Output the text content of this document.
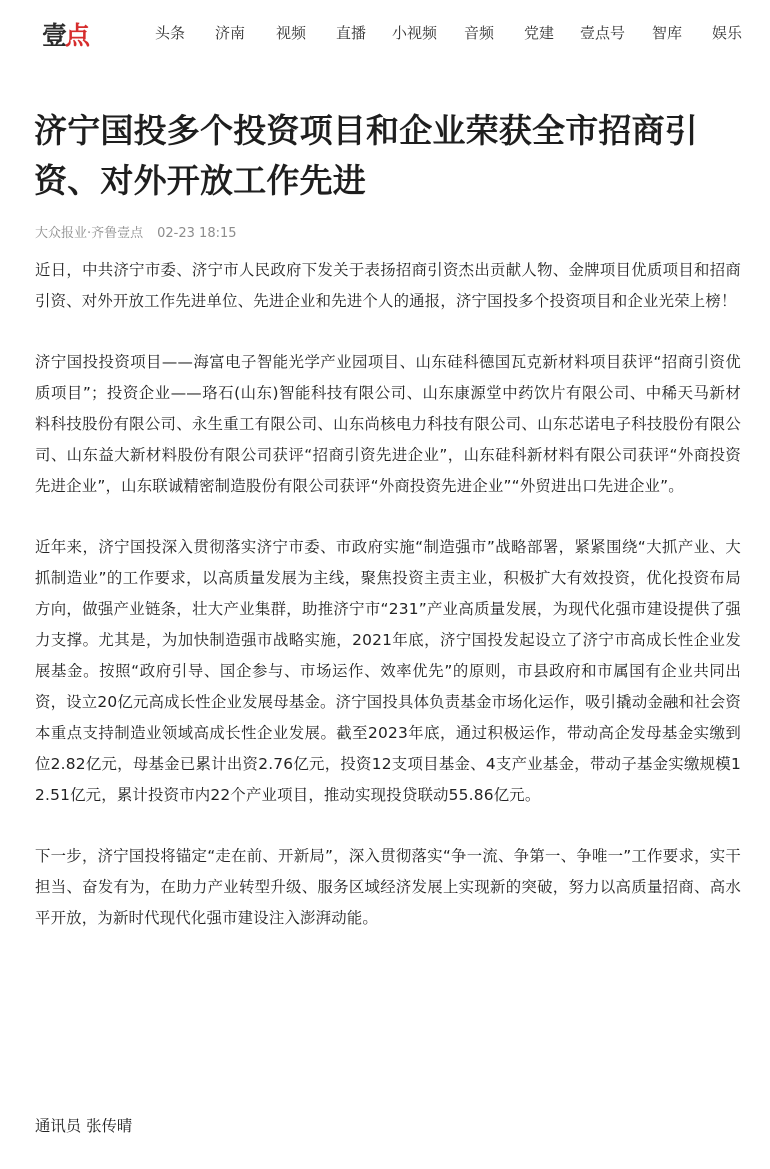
壹 点	头条 济南 视频 直播 小视频 音频 党建 壹点号 智库 娱乐
济宁国投多个投资项目和企业荣获全市招商引资、对外开放工作先进
大众报业·齐鲁壹点 02-23 18:15

近日，中共济宁市委、济宁市人民政府下发关于表扬招商引资杰出贡献人物、金牌项目优质项目和招商引资、对外开放工作先进单位、先进企业和先进个人的通报，济宁国投多个投资项目和企业光荣上榜！

济宁国投投资项目——海富电子智能光学产业园项目、山东硅科德国瓦克新材料项目获评“招商引资优质项目”；投资企业——珞石(山东)智能科技有限公司、山东康源堂中药饮片有限公司、中稀天马新材料科技股份有限公司、永生重工有限公司、山东尚核电力科技有限公司、山东芯诺电子科技股份有限公司、山东益大新材料股份有限公司获评“招商引资先进企业”，山东硅科新材料有限公司获评“外商投资先进企业”，山东联诚精密制造股份有限公司获评“外商投资先进企业”“外贸进出口先进企业”。

近年来，济宁国投深入贯彻落实济宁市委、市政府实施“制造强市”战略部署，紧紧围绕“大抓产业、大抓制造业”的工作要求，以高质量发展为主线，聚焦投资主责主业，积极扩大有效投资，优化投资布局方向，做强产业链条，壮大产业集群，助推济宁市“231”产业高质量发展，为现代化强市建设提供了强力支撑。尤其是，为加快制造强市战略实施，2021年底，济宁国投发起设立了济宁市高成长性企业发展基金。按照“政府引导、国企参与、市场运作、效率优先”的原则，市县政府和市属国有企业共同出资，设立20亿元高成长性企业发展母基金。济宁国投具体负责基金市场化运作，吸引撬动金融和社会资本重点支持制造业领域高成长性企业发展。截至2023年底，通过积极运作，带动高企发母基金实缴到位2.82亿元，母基金已累计出资2.76亿元，投资12支项目基金、4支产业基金，带动子基金实缴规模12.51亿元，累计投资市内22个产业项目，推动实现投贷联动55.86亿元。

下一步，济宁国投将锚定“走在前、开新局”，深入贯彻落实“争一流、争第一、争唯一”工作要求，实干担当、奋发有为，在助力产业转型升级、服务区域经济发展上实现新的突破，努力以高质量招商、高水平开放，为新时代现代化强市建设注入澎湃动能。

通讯员 张传晴
